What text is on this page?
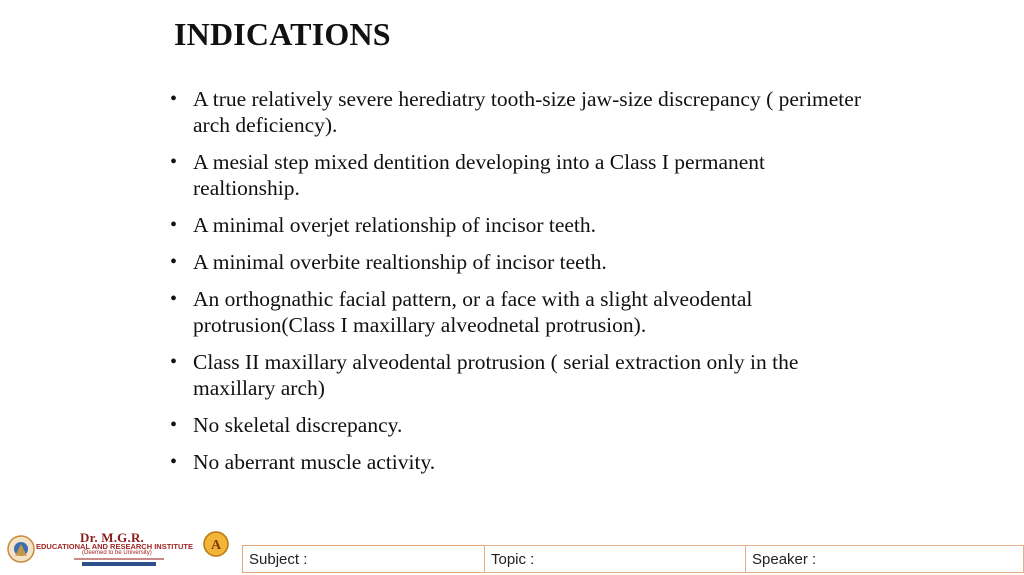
INDICATIONS
• A true relatively severe herediatry tooth-size jaw-size discrepancy ( perimeter arch deficiency).
• A mesial step mixed dentition developing into a Class I permanent realtionship.
• A minimal overjet relationship of incisor teeth.
• A minimal overbite realtionship of incisor teeth.
• An orthognathic facial pattern, or a face with a slight alveodental protrusion(Class I maxillary alveodnetal protrusion).
• Class II maxillary alveodental protrusion ( serial extraction only in the maxillary arch)
• No skeletal discrepancy.
• No aberrant muscle activity.
Dr. M.G.R.
EDUCATIONAL AND RESEARCH INSTITUTE
(Deemed to be University)	A
Subject :	Topic :	Speaker :
